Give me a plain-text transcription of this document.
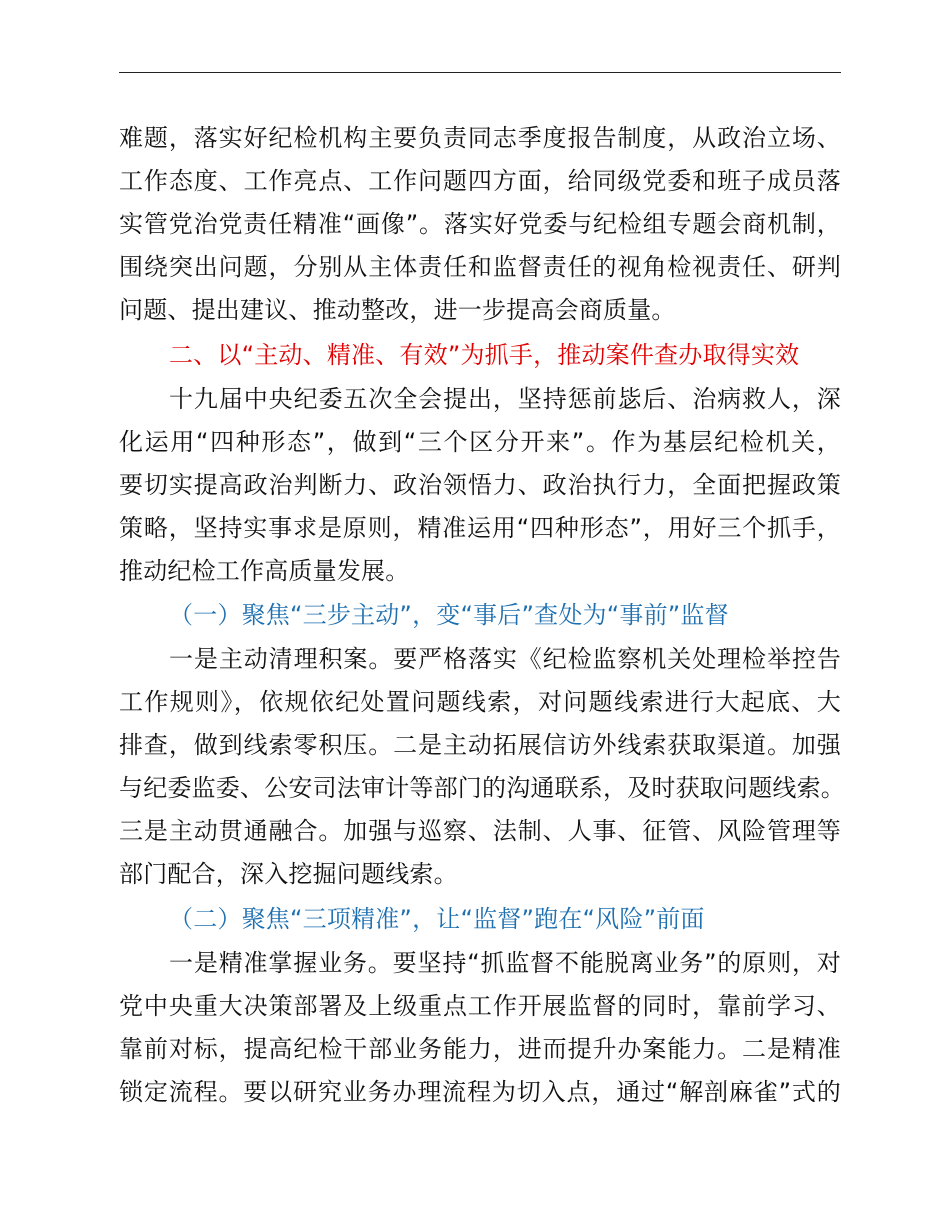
难题，落实好纪检机构主要负责同志季度报告制度，从政治立场、
工作态度、工作亮点、工作问题四方面，给同级党委和班子成员落
实管党治党责任精准“画像”。落实好党委与纪检组专题会商机制，
围绕突出问题，分别从主体责任和监督责任的视角检视责任、研判
问题、提出建议、推动整改，进一步提高会商质量。
二、以“主动、精准、有效”为抓手，推动案件查办取得实效
十九届中央纪委五次全会提出，坚持惩前毖后、治病救人，深
化运用“四种形态”，做到“三个区分开来”。作为基层纪检机关，
要切实提高政治判断力、政治领悟力、政治执行力，全面把握政策
策略，坚持实事求是原则，精准运用“四种形态”，用好三个抓手，
推动纪检工作高质量发展。
（一）聚焦“三步主动”，变“事后”查处为“事前”监督
一是主动清理积案。要严格落实《纪检监察机关处理检举控告
工作规则》，依规依纪处置问题线索，对问题线索进行大起底、大
排查，做到线索零积压。二是主动拓展信访外线索获取渠道。加强
与纪委监委、公安司法审计等部门的沟通联系，及时获取问题线索。
三是主动贯通融合。加强与巡察、法制、人事、征管、风险管理等
部门配合，深入挖掘问题线索。
（二）聚焦“三项精准”，让“监督”跑在“风险”前面
一是精准掌握业务。要坚持“抓监督不能脱离业务”的原则，对
党中央重大决策部署及上级重点工作开展监督的同时，靠前学习、
靠前对标，提高纪检干部业务能力，进而提升办案能力。二是精准
锁定流程。要以研究业务办理流程为切入点，通过“解剖麻雀”式的
